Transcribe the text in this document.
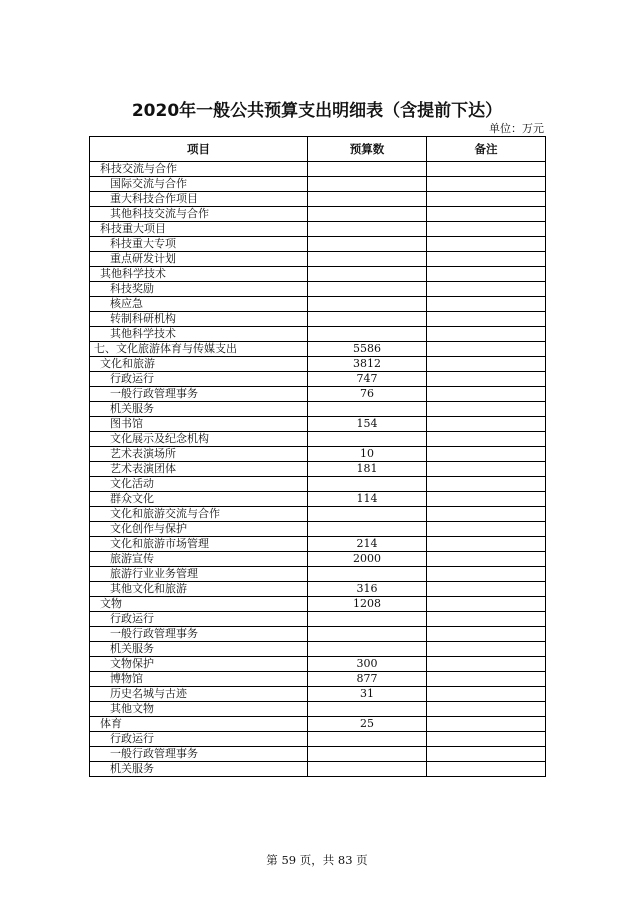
2020年一般公共预算支出明细表（含提前下达）
单位：万元
项目	预算数	备注
科技交流与合作		
国际交流与合作		
重大科技合作项目		
其他科技交流与合作		
科技重大项目		
科技重大专项		
重点研发计划		
其他科学技术		
科技奖励		
核应急		
转制科研机构		
其他科学技术		
七、文化旅游体育与传媒支出	5586	
文化和旅游	3812	
行政运行	747	
一般行政管理事务	76	
机关服务		
图书馆	154	
文化展示及纪念机构		
艺术表演场所	10	
艺术表演团体	181	
文化活动		
群众文化	114	
文化和旅游交流与合作		
文化创作与保护		
文化和旅游市场管理	214	
旅游宣传	2000	
旅游行业业务管理		
其他文化和旅游	316	
文物	1208	
行政运行		
一般行政管理事务		
机关服务		
文物保护	300	
博物馆	877	
历史名城与古迹	31	
其他文物		
体育	25	
行政运行		
一般行政管理事务		
机关服务		
第 59 页，共 83 页
